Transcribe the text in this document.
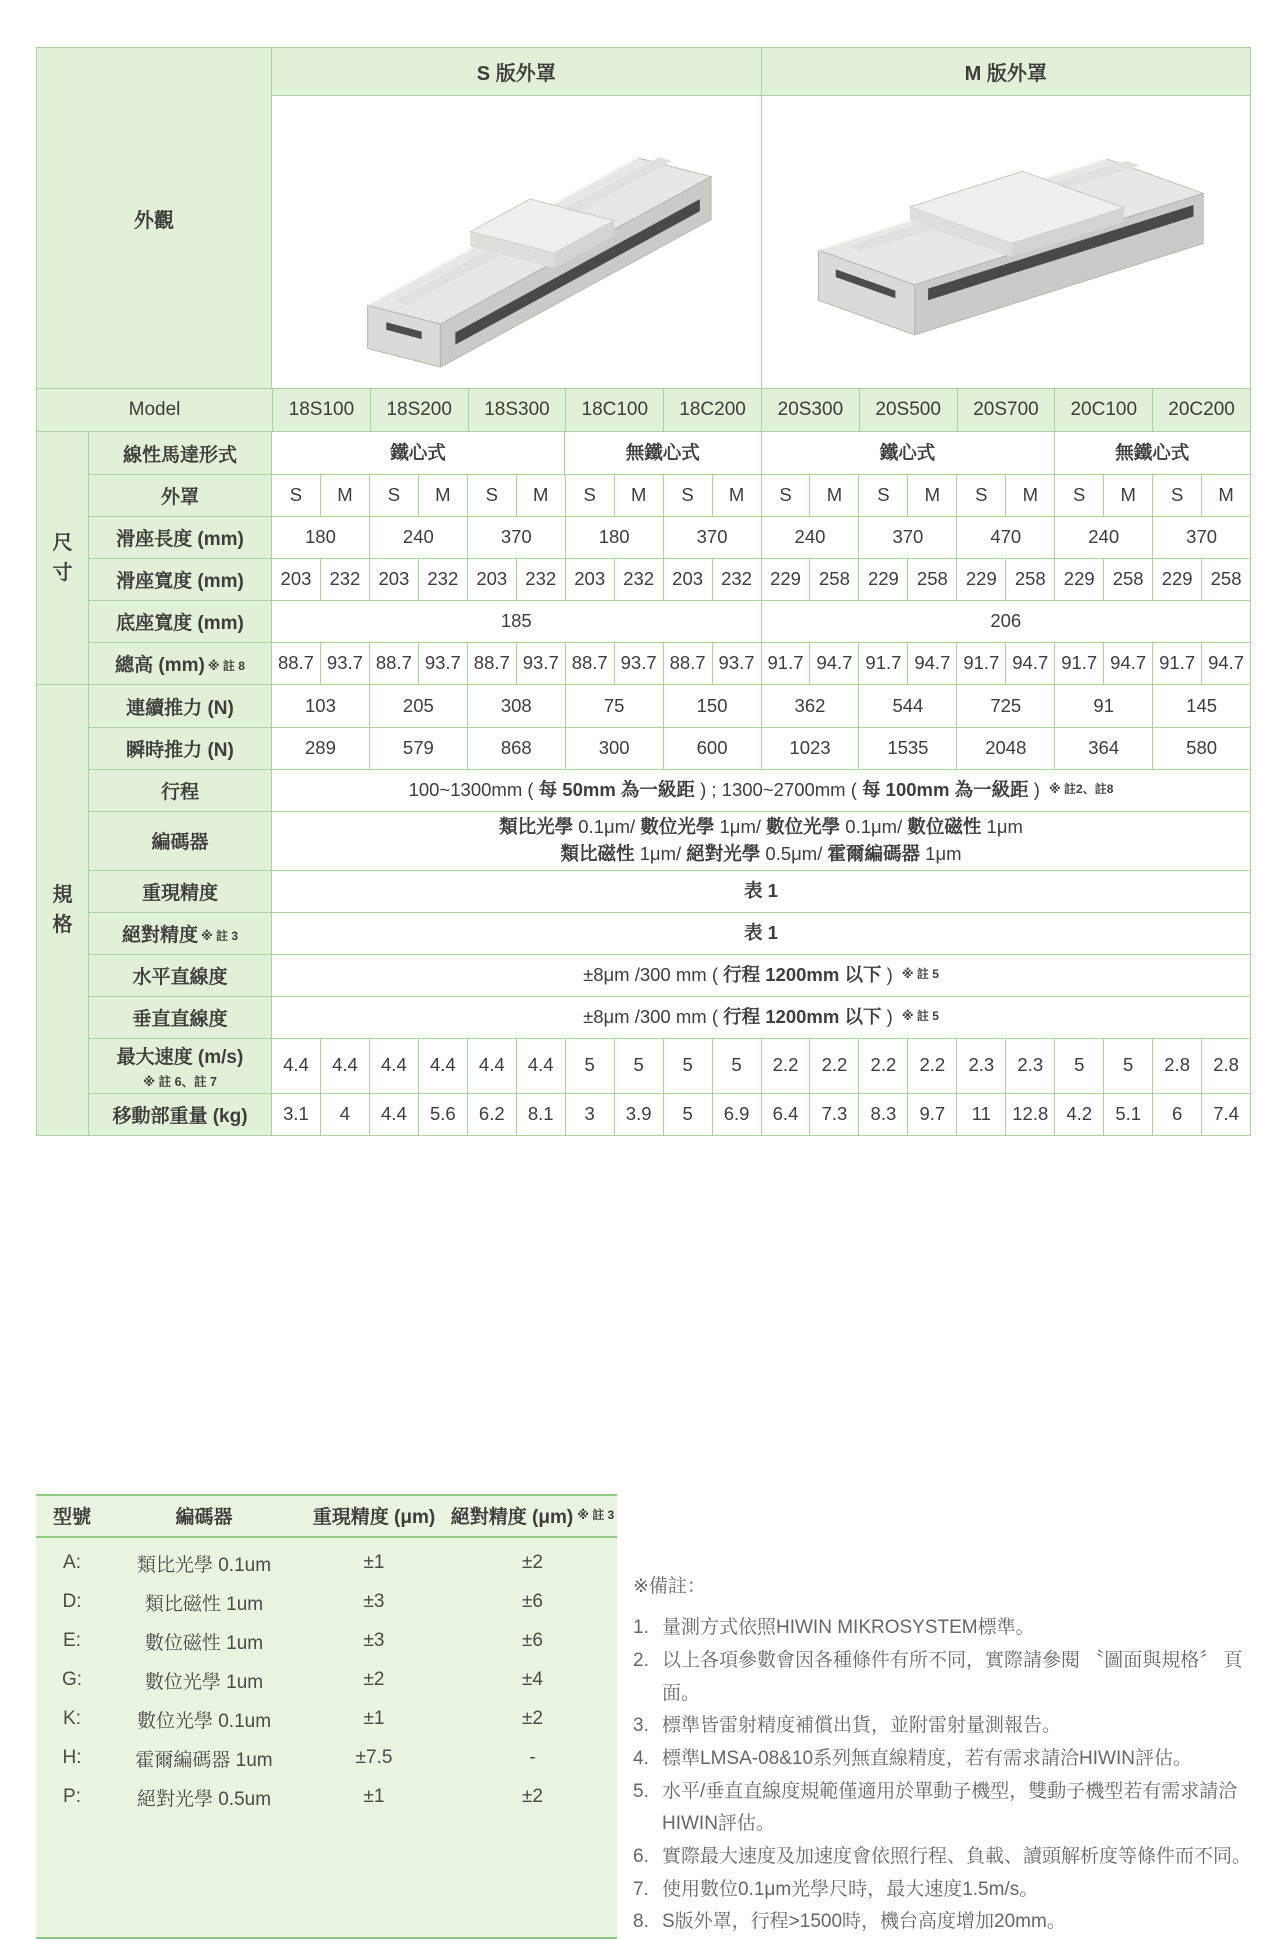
外觀
S 版外罩	M 版外罩
Model	18S100	18S200	18S300	18C100	18C200	20S300	20S500	20S700	20C100	20C200
尺寸
線性馬達形式	鐵心式	無鐵心式	鐵心式	無鐵心式
外罩	S M S M S M S M S M S M S M S M S M S M
滑座長度 (mm)	180	240	370	180	370	240	370	470	240	370
滑座寬度 (mm) 203 232 203 232 203 232 203 232 203 232 229 258 229 258 229 258 229 258 229 258
底座寬度 (mm)	185	206
總高 (mm) ※ 註 8 88.7 93.7 88.7 93.7 88.7 93.7 88.7 93.7 88.7 93.7 91.7 94.7 91.7 94.7 91.7 94.7 91.7 94.7 91.7 94.7
規格
連續推力 (N)	103	205	308	75	150	362	544	725	91	145
瞬時推力 (N)	289	579	868	300	600	1023	1535	2048	364	580
行程	100~1300mm ( 每 50mm 為一級距 ) ; 1300~2700mm ( 每 100mm 為一級距 ) ※ 註2、註8
編碼器
類比光學 0.1μm/ 數位光學 1μm/ 數位光學 0.1μm/ 數位磁性 1μm
類比磁性 1μm/ 絕對光學 0.5μm/ 霍爾編碼器 1μm
重現精度	表 1
絕對精度 ※ 註 3	表 1
水平直線度	±8μm /300 mm ( 行程 1200mm 以下 ) ※ 註 5
垂直直線度	±8μm /300 mm ( 行程 1200mm 以下 ) ※ 註 5
最大速度 (m/s)
※ 註 6、註 7
4.4 4.4 4.4 4.4 4.4 4.4 5 5 5 5 2.2 2.2 2.2 2.2 2.3 2.3 5 5 2.8 2.8
移動部重量 (kg) 3.1 4 4.4 5.6 6.2 8.1 3 3.9 5 6.9 6.4 7.3 8.3 9.7 11 12.8 4.2 5.1 6 7.4
型號	編碼器	重現精度 (μm) 絕對精度 (μm) ※ 註 3
A:	類比光學 0.1um	±1	±2
D:	類比磁性 1um	±3	±6
E:	數位磁性 1um	±3	±6
G:	數位光學 1um	±2	±4
K:	數位光學 0.1um	±1	±2
H:	霍爾編碼器 1um	±7.5	-
P:	絕對光學 0.5um	±1	±2
※備註：
量測方式依照HIWIN MIKROSYSTEM標準。
以上各項參數會因各種條件有所不同，實際請參閱 〝圖面與規格〞 頁面。
標準皆雷射精度補償出貨，並附雷射量測報告。
標準LMSA-08&10系列無直線精度，若有需求請洽HIWIN評估。
水平/垂直直線度規範僅適用於單動子機型，雙動子機型若有需求請洽HIWIN評估。
實際最大速度及加速度會依照行程、負載、讀頭解析度等條件而不同。
使用數位0.1μm光學尺時，最大速度1.5m/s。
S版外罩，行程>1500時，機台高度增加20mm。
